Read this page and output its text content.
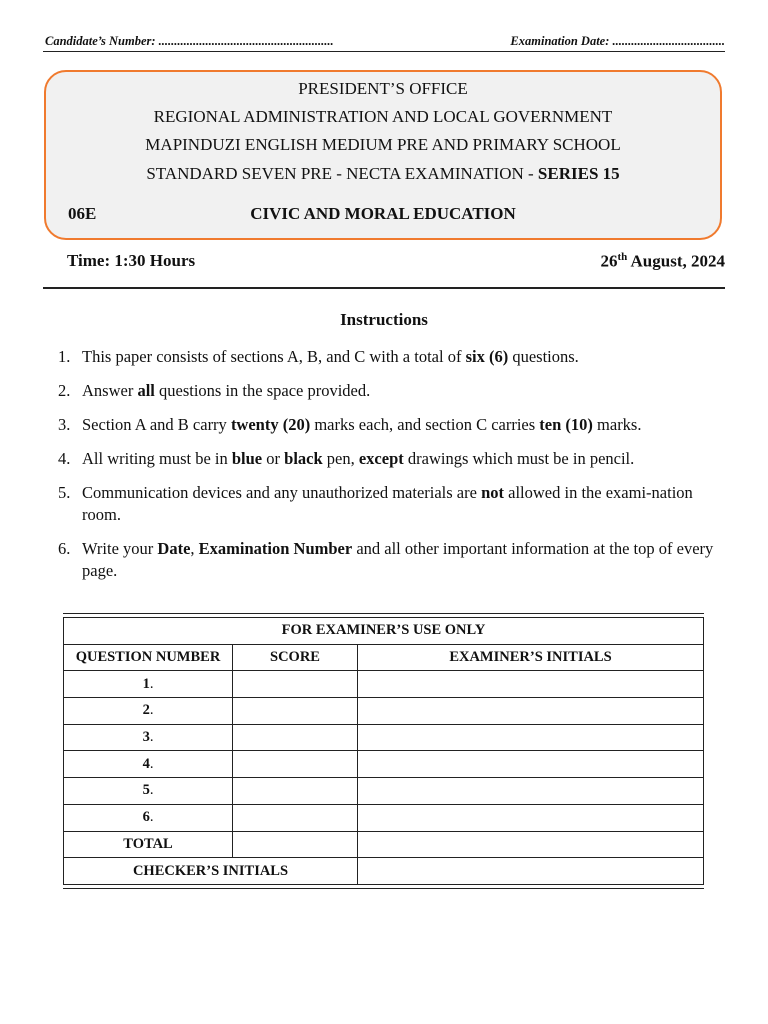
Candidate’s Number: ........................................................	Examination Date: ....................................
PRESIDENT’S OFFICE
REGIONAL ADMINISTRATION AND LOCAL GOVERNMENT
MAPINDUZI ENGLISH MEDIUM PRE AND PRIMARY SCHOOL
STANDARD SEVEN PRE - NECTA EXAMINATION - SERIES 15
06E	CIVIC AND MORAL EDUCATION
Time: 1:30 Hours	26th August, 2024
Instructions
1. This paper consists of sections A, B, and C with a total of six (6) questions.
2. Answer all questions in the space provided.
3. Section A and B carry twenty (20) marks each, and section C carries ten (10) marks.
4. All writing must be in blue or black pen, except drawings which must be in pencil.
5. Communication devices and any unauthorized materials are not allowed in the exami-nation room.
6. Write your Date, Examination Number and all other important information at the top of every page.
FOR EXAMINER’S USE ONLY		
QUESTION NUMBER	SCORE	EXAMINER’S INITIALS
1.		
2.		
3.		
4.		
5.		
6.		
TOTAL		
CHECKER’S INITIALS		
